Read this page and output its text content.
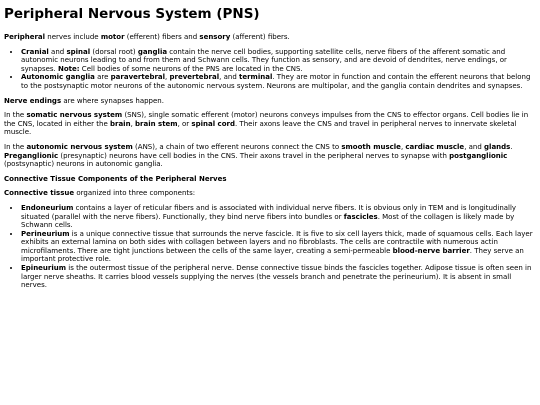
Peripheral Nervous System (PNS)

Peripheral nerves include motor (efferent) fibers and sensory (afferent) fibers.

• Cranial and spinal (dorsal root) ganglia contain the nerve cell bodies, supporting satellite cells, nerve fibers of the afferent somatic and autonomic neurons leading to and from them and Schwann cells. They function as sensory, and are devoid of dendrites, nerve endings, or synapses. Note: Cell bodies of some neurons of the PNS are located in the CNS.
• Autonomic ganglia are paravertebral, prevertebral, and terminal. They are motor in function and contain the efferent neurons that belong to the postsynaptic motor neurons of the autonomic nervous system. Neurons are multipolar, and the ganglia contain dendrites and synapses.

Nerve endings are where synapses happen.

In the somatic nervous system (SNS), single somatic efferent (motor) neurons conveys impulses from the CNS to effector organs. Cell bodies lie in the CNS, located in either the brain, brain stem, or spinal cord. Their axons leave the CNS and travel in peripheral nerves to innervate skeletal muscle.

In the autonomic nervous system (ANS), a chain of two efferent neurons connect the CNS to smooth muscle, cardiac muscle, and glands. Preganglionic (presynaptic) neurons have cell bodies in the CNS. Their axons travel in the peripheral nerves to synapse with postganglionic (postsynaptic) neurons in autonomic ganglia.

Connective Tissue Components of the Peripheral Nerves

Connective tissue organized into three components:

• Endoneurium contains a layer of reticular fibers and is associated with individual nerve fibers. It is obvious only in TEM and is longitudinally situated (parallel with the nerve fibers). Functionally, they bind nerve fibers into bundles or fascicles. Most of the collagen is likely made by Schwann cells.
• Perineurium is a unique connective tissue that surrounds the nerve fascicle. It is five to six cell layers thick, made of squamous cells. Each layer exhibits an external lamina on both sides with collagen between layers and no fibroblasts. The cells are contractile with numerous actin microfilaments. There are tight junctions between the cells of the same layer, creating a semi-permeable blood-nerve barrier. They serve an important protective role.
• Epineurium is the outermost tissue of the peripheral nerve. Dense connective tissue binds the fascicles together. Adipose tissue is often seen in larger nerve sheaths. It carries blood vessels supplying the nerves (the vessels branch and penetrate the perineurium). It is absent in small nerves.
